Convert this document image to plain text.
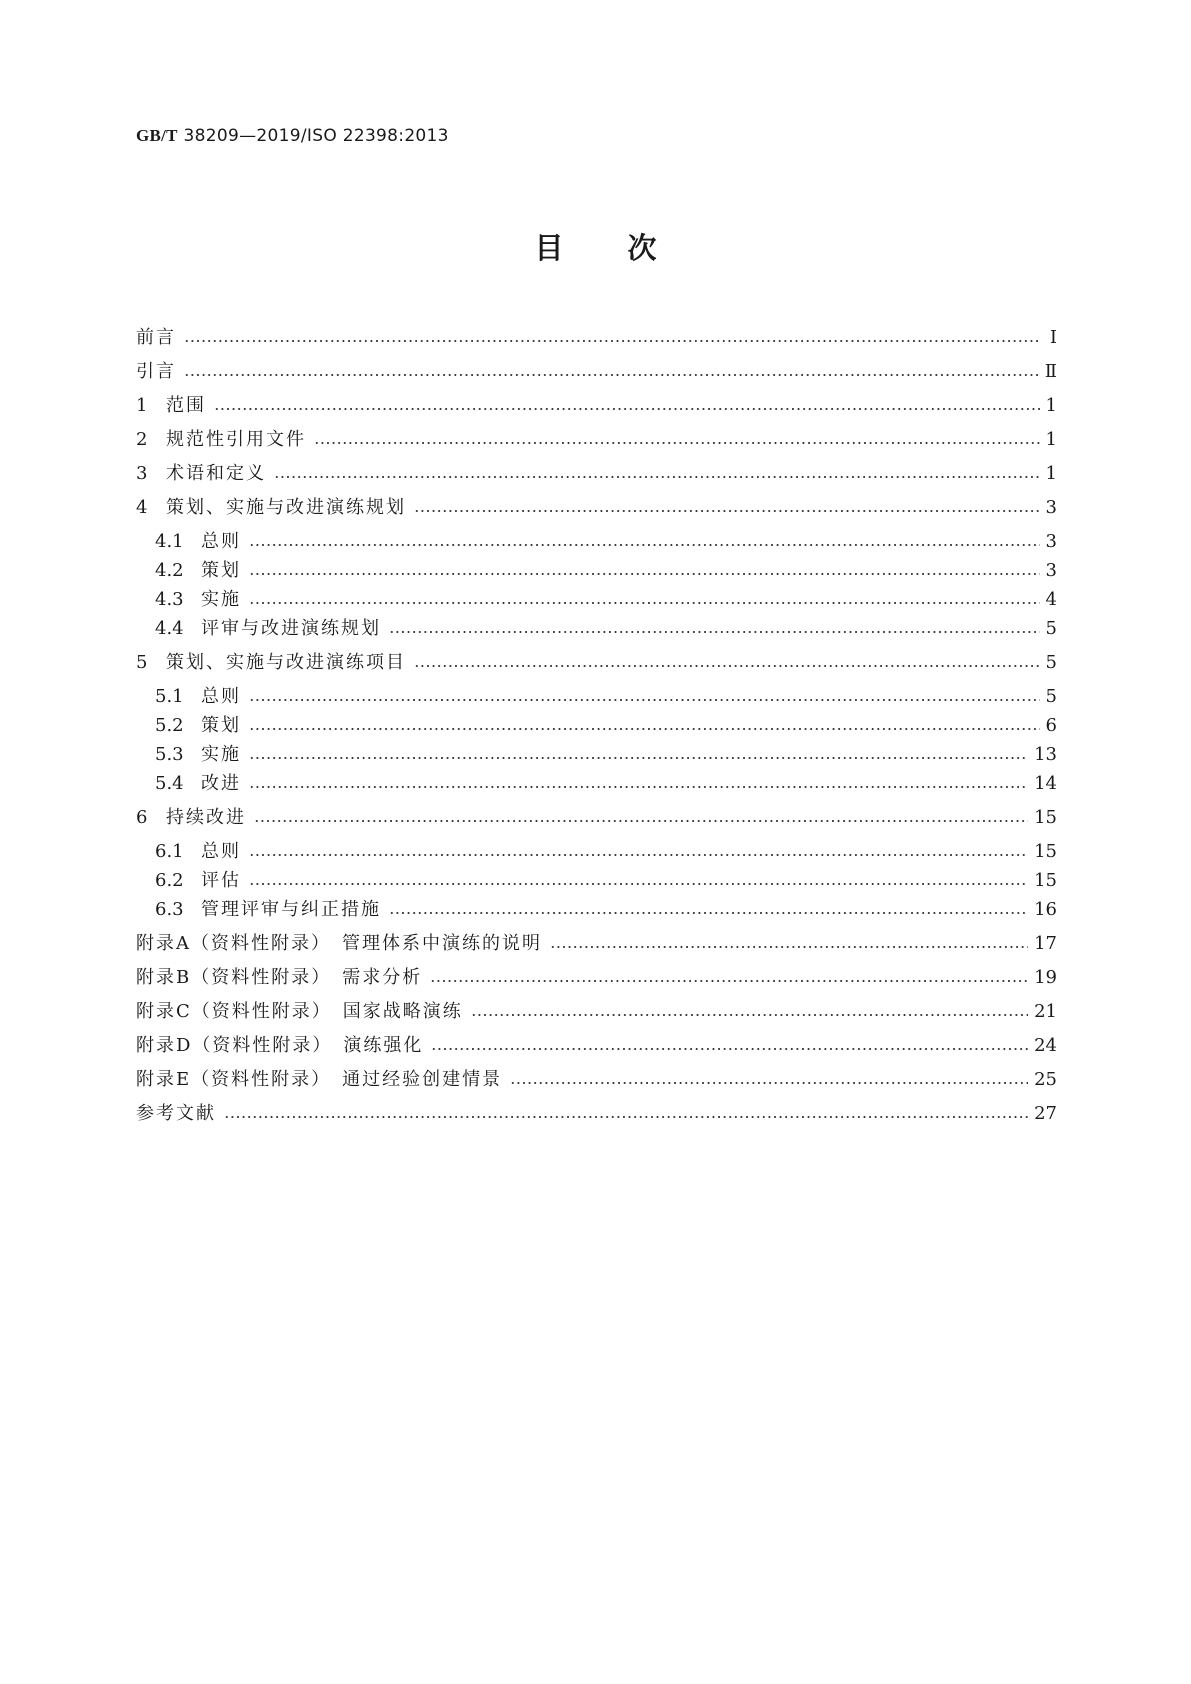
GB/T 38209—2019/ISO 22398:2013
目次
前言	Ⅰ
引言	Ⅱ
1	范围	1
2	规范性引用文件	1
3	术语和定义	1
4	策划、实施与改进演练规划	3
4.1 总则	3
4.2 策划	3
4.3 实施	4
4.4 评审与改进演练规划	5
5	策划、实施与改进演练项目	5
5.1 总则	5
5.2 策划	6
5.3 实施	13
5.4 改进	14
6	持续改进	15
6.1 总则	15
6.2 评估	15
6.3 管理评审与纠正措施	16
附录A（资料性附录）　管理体系中演练的说明	17
附录B（资料性附录）　需求分析	19
附录C（资料性附录）　国家战略演练	21
附录D（资料性附录）　演练强化	24
附录E（资料性附录）　通过经验创建情景	25
参考文献	27
